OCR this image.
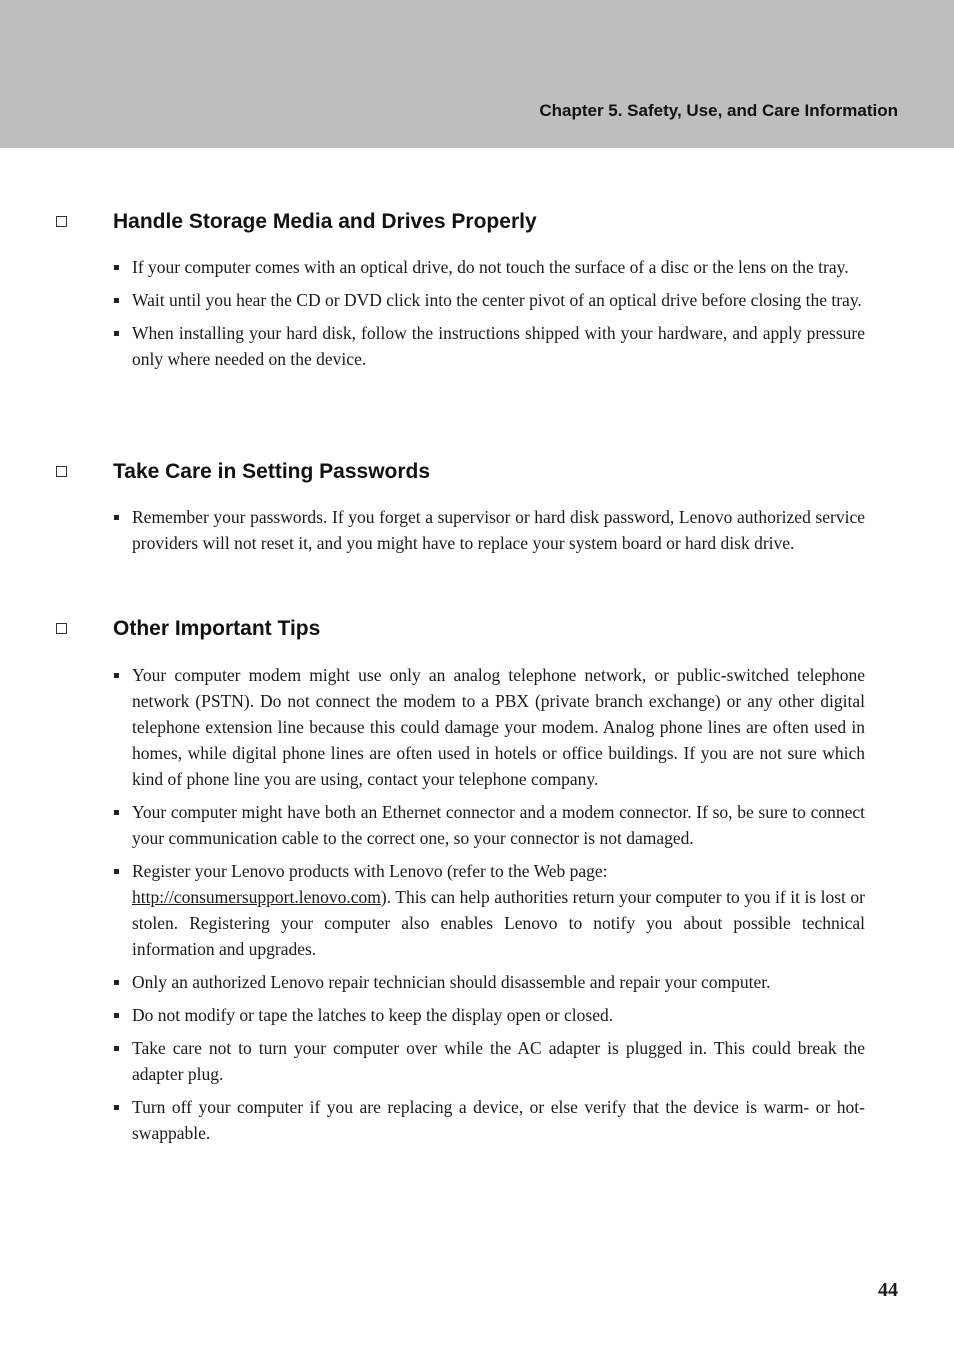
Chapter 5. Safety, Use, and Care Information
Handle Storage Media and Drives Properly
If your computer comes with an optical drive, do not touch the surface of a disc or the lens on the tray.
Wait until you hear the CD or DVD click into the center pivot of an optical drive before closing the tray.
When installing your hard disk, follow the instructions shipped with your hardware, and apply pressure only where needed on the device.
Take Care in Setting Passwords
Remember your passwords. If you forget a supervisor or hard disk password, Lenovo authorized service providers will not reset it, and you might have to replace your system board or hard disk drive.
Other Important Tips
Your computer modem might use only an analog telephone network, or public-switched telephone network (PSTN). Do not connect the modem to a PBX (private branch exchange) or any other digital telephone extension line because this could damage your modem. Analog phone lines are often used in homes, while digital phone lines are often used in hotels or office buildings. If you are not sure which kind of phone line you are using, contact your telephone company.
Your computer might have both an Ethernet connector and a modem connector. If so, be sure to connect your communication cable to the correct one, so your connector is not damaged.
Register your Lenovo products with Lenovo (refer to the Web page:
http://consumersupport.lenovo.com). This can help authorities return your computer to you if it is lost or stolen. Registering your computer also enables Lenovo to notify you about possible technical information and upgrades.
Only an authorized Lenovo repair technician should disassemble and repair your computer.
Do not modify or tape the latches to keep the display open or closed.
Take care not to turn your computer over while the AC adapter is plugged in. This could break the adapter plug.
Turn off your computer if you are replacing a device, or else verify that the device is warm- or hot-swappable.
44
